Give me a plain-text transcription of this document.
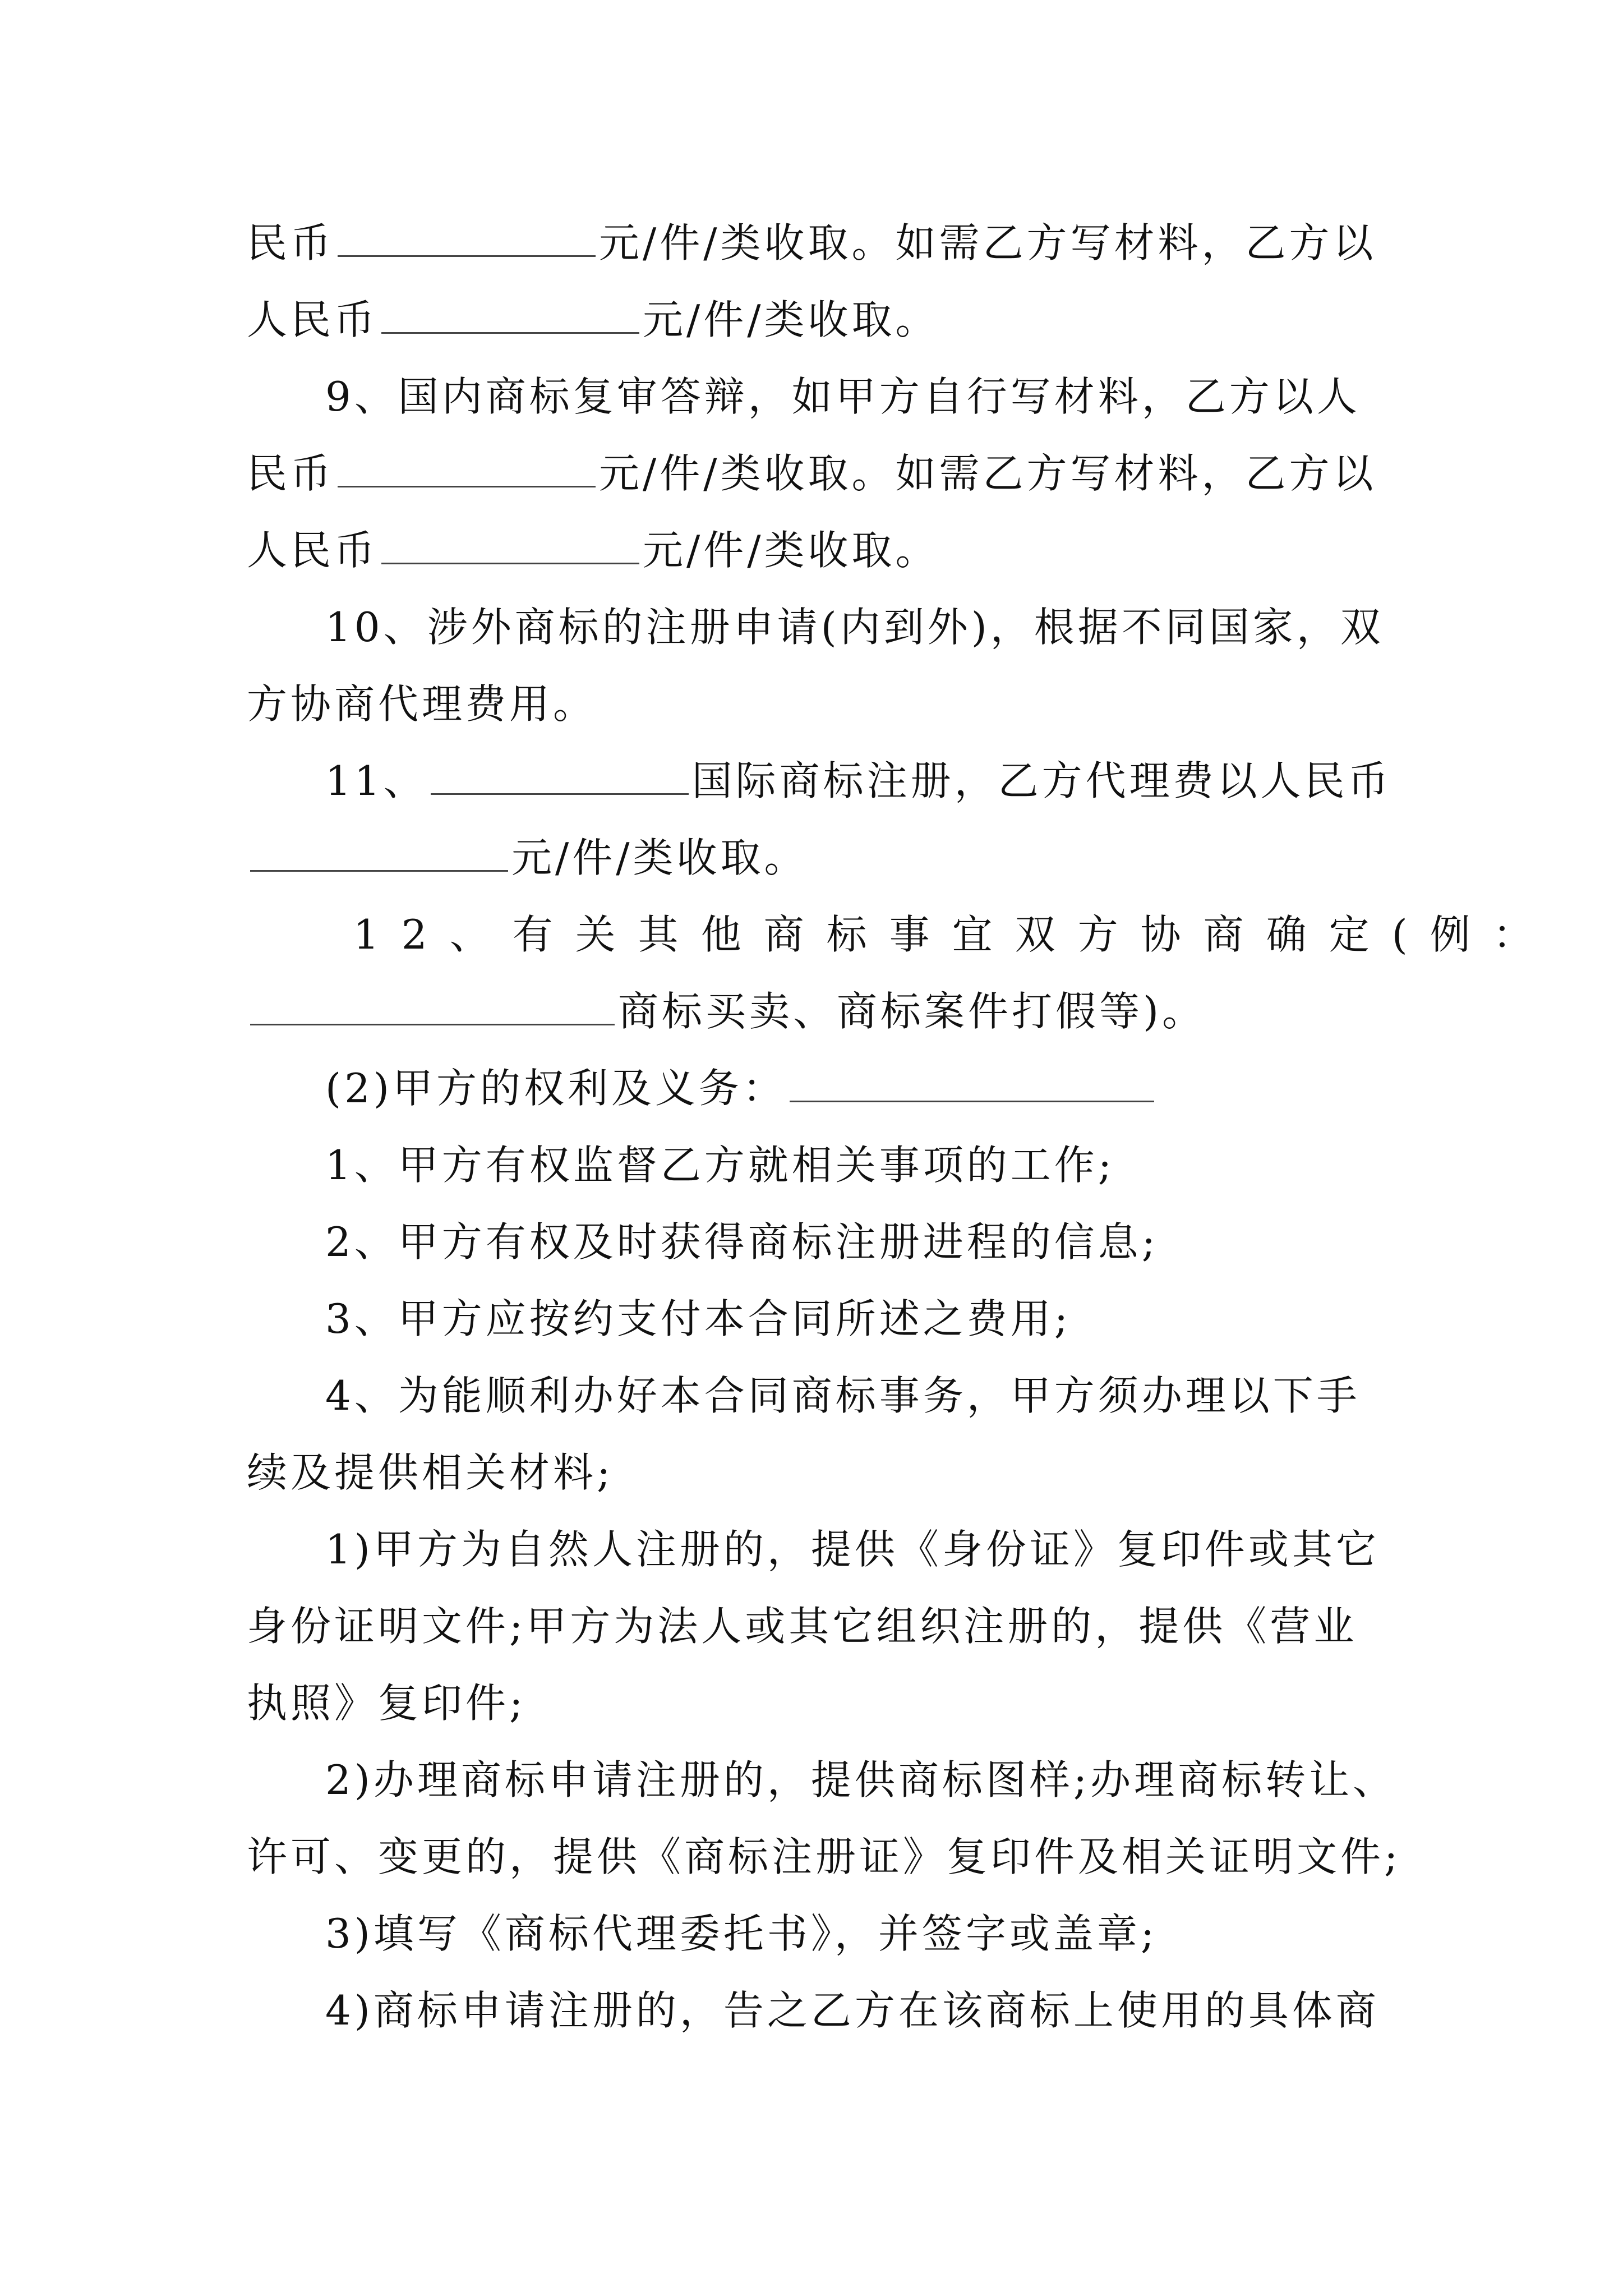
民币	元/件/类收取。如需乙方写材料，乙方以
人民币	元/件/类收取。
9、国内商标复审答辩，如甲方自行写材料，乙方以人
民币	元/件/类收取。如需乙方写材料，乙方以
人民币	元/件/类收取。
10、涉外商标的注册申请(内到外)，根据不同国家，双
方协商代理费用。
11、	国际商标注册，乙方代理费以人民币
元/件/类收取。
12、有关其他商标事宜双方协商确定(例：
商标买卖、商标案件打假等)。
(2)甲方的权利及义务：
1、甲方有权监督乙方就相关事项的工作;
2、甲方有权及时获得商标注册进程的信息;
3、甲方应按约支付本合同所述之费用;
4、为能顺利办好本合同商标事务，甲方须办理以下手
续及提供相关材料;
1)甲方为自然人注册的，提供《身份证》复印件或其它
身份证明文件;甲方为法人或其它组织注册的，提供《营业
执照》复印件;
2)办理商标申请注册的，提供商标图样;办理商标转让、
许可、变更的，提供《商标注册证》复印件及相关证明文件;
3)填写《商标代理委托书》，并签字或盖章;
4)商标申请注册的，告之乙方在该商标上使用的具体商
